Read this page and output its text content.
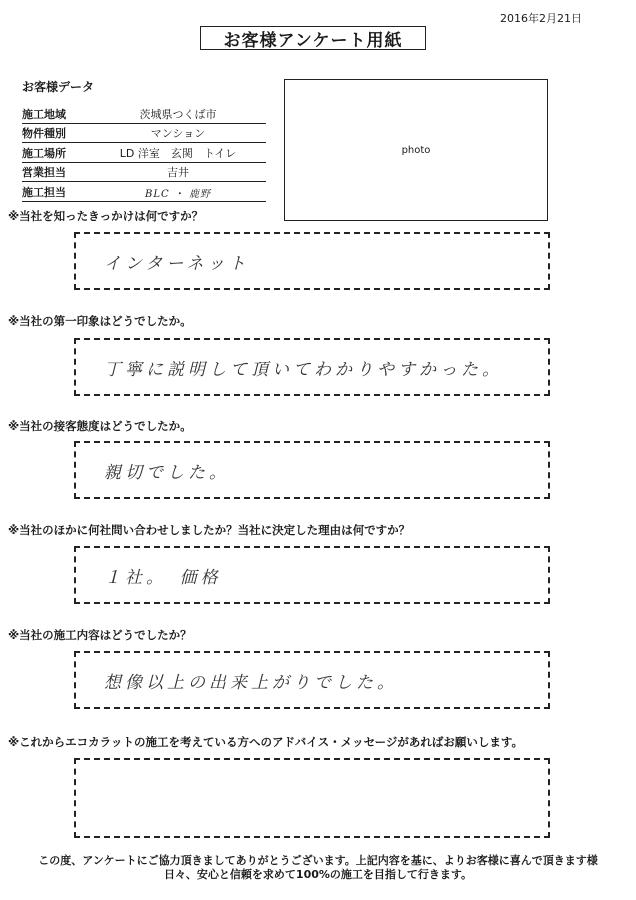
2016年2月21日
お客様アンケート用紙
お客様データ
施工地域	茨城県つくば市
物件種別	マンション
施工場所	LD 洋室　玄関　トイレ
営業担当	吉井
施工担当	BLC ・ 鹿野
photo
※当社を知ったきっかけは何ですか？
インターネット
※当社の第一印象はどうでしたか。
丁寧に説明して頂いてわかりやすかった。
※当社の接客態度はどうでしたか。
親切でした。
※当社のほかに何社問い合わせしましたか？当社に決定した理由は何ですか？
１社。　価格
※当社の施工内容はどうでしたか？
想像以上の出来上がりでした。
※これからエコカラットの施工を考えている方へのアドバイス・メッセージがあればお願いします。
この度、アンケートにご協力頂きましてありがとうございます。上記内容を基に、よりお客様に喜んで頂きます様
日々、安心と信頼を求めて100%の施工を目指して行きます。
